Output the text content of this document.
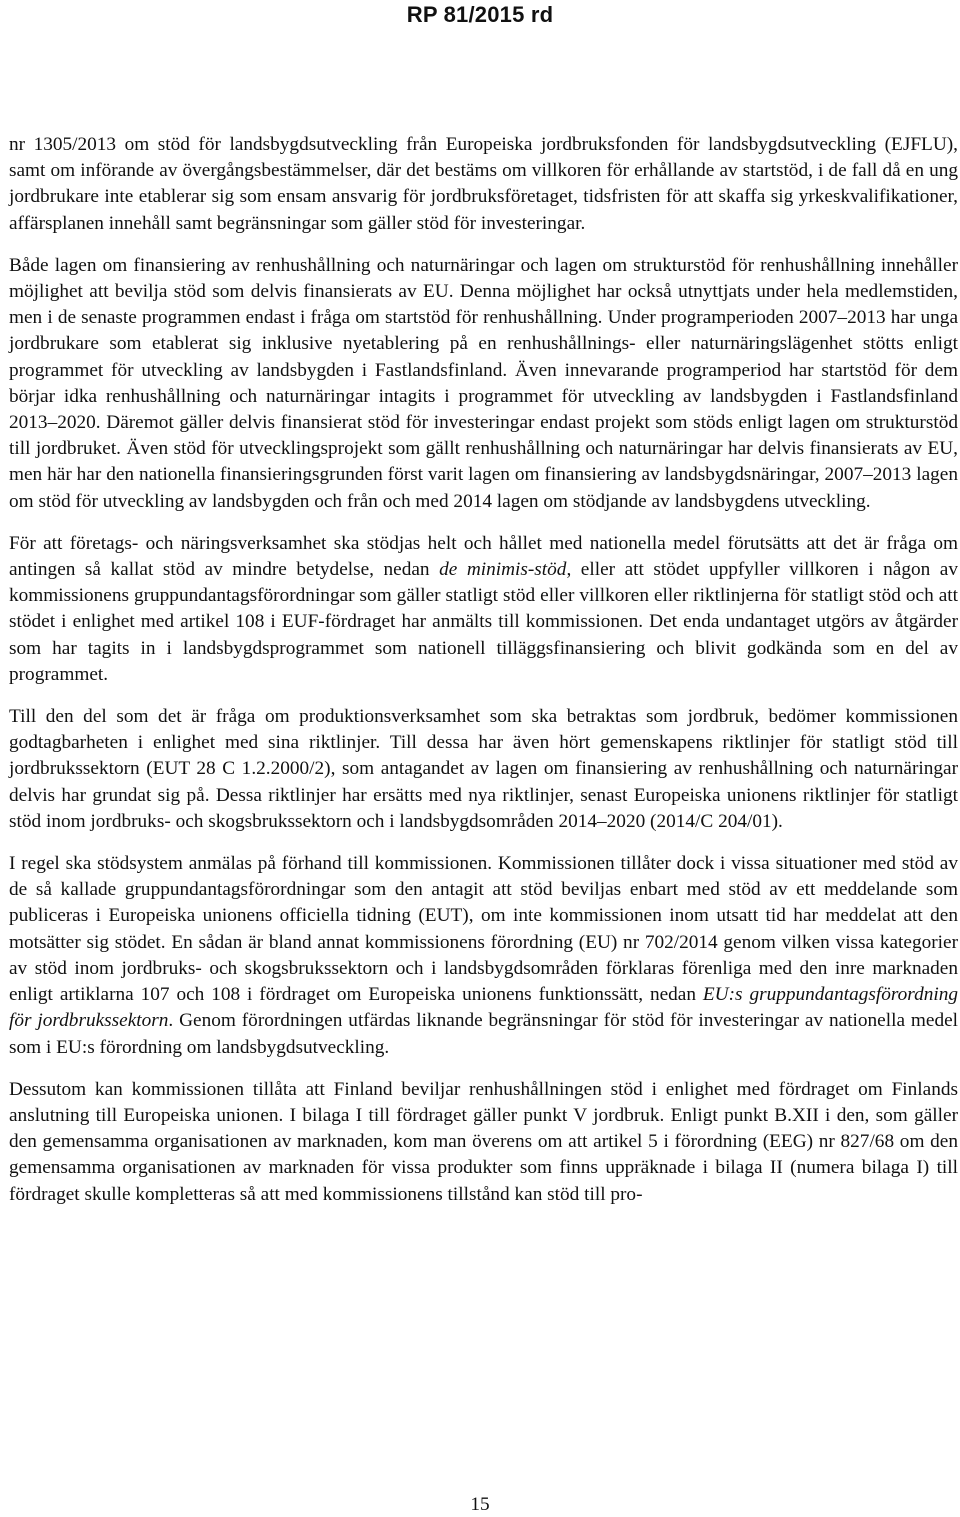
RP 81/2015 rd

nr 1305/2013 om stöd för landsbygdsutveckling från Europeiska jordbruksfonden för landsbygdsutveckling (EJFLU), samt om införande av övergångsbestämmelser, där det bestäms om villkoren för erhållande av startstöd, i de fall då en ung jordbrukare inte etablerar sig som ensam ansvarig för jordbruksföretaget, tidsfristen för att skaffa sig yrkeskvalifikationer, affärsplanen innehåll samt begränsningar som gäller stöd för investeringar.

Både lagen om finansiering av renhushållning och naturnäringar och lagen om strukturstöd för renhushållning innehåller möjlighet att bevilja stöd som delvis finansierats av EU. Denna möjlighet har också utnyttjats under hela medlemstiden, men i de senaste programmen endast i fråga om startstöd för renhushållning. Under programperioden 2007–2013 har unga jordbrukare som etablerat sig inklusive nyetablering på en renhushållnings- eller naturnäringslägenhet stötts enligt programmet för utveckling av landsbygden i Fastlandsfinland. Även innevarande programperiod har startstöd för dem börjar idka renhushållning och naturnäringar intagits i programmet för utveckling av landsbygden i Fastlandsfinland 2013–2020. Däremot gäller delvis finansierat stöd för investeringar endast projekt som stöds enligt lagen om strukturstöd till jordbruket. Även stöd för utvecklingsprojekt som gällt renhushållning och naturnäringar har delvis finansierats av EU, men här har den nationella finansieringsgrunden först varit lagen om finansiering av landsbygdsnäringar, 2007–2013 lagen om stöd för utveckling av landsbygden och från och med 2014 lagen om stödjande av landsbygdens utveckling.

För att företags- och näringsverksamhet ska stödjas helt och hållet med nationella medel förutsätts att det är fråga om antingen så kallat stöd av mindre betydelse, nedan de minimis-stöd, eller att stödet uppfyller villkoren i någon av kommissionens gruppundantagsförordningar som gäller statligt stöd eller villkoren eller riktlinjerna för statligt stöd och att stödet i enlighet med artikel 108 i EUF-fördraget har anmälts till kommissionen. Det enda undantaget utgörs av åtgärder som har tagits in i landsbygdsprogrammet som nationell tilläggsfinansiering och blivit godkända som en del av programmet.

Till den del som det är fråga om produktionsverksamhet som ska betraktas som jordbruk, bedömer kommissionen godtagbarheten i enlighet med sina riktlinjer. Till dessa har även hört gemenskapens riktlinjer för statligt stöd till jordbrukssektorn (EUT 28 C 1.2.2000/2), som antagandet av lagen om finansiering av renhushållning och naturnäringar delvis har grundat sig på. Dessa riktlinjer har ersätts med nya riktlinjer, senast Europeiska unionens riktlinjer för statligt stöd inom jordbruks- och skogsbrukssektorn och i landsbygdsområden 2014–2020 (2014/C 204/01).

I regel ska stödsystem anmälas på förhand till kommissionen. Kommissionen tillåter dock i vissa situationer med stöd av de så kallade gruppundantagsförordningar som den antagit att stöd beviljas enbart med stöd av ett meddelande som publiceras i Europeiska unionens officiella tidning (EUT), om inte kommissionen inom utsatt tid har meddelat att den motsätter sig stödet. En sådan är bland annat kommissionens förordning (EU) nr 702/2014 genom vilken vissa kategorier av stöd inom jordbruks- och skogsbrukssektorn och i landsbygdsområden förklaras förenliga med den inre marknaden enligt artiklarna 107 och 108 i fördraget om Europeiska unionens funktionssätt, nedan EU:s gruppundantagsförordning för jordbrukssektorn. Genom förordningen utfärdas liknande begränsningar för stöd för investeringar av nationella medel som i EU:s förordning om landsbygdsutveckling.

Dessutom kan kommissionen tillåta att Finland beviljar renhushållningen stöd i enlighet med fördraget om Finlands anslutning till Europeiska unionen. I bilaga I till fördraget gäller punkt V jordbruk. Enligt punkt B.XII i den, som gäller den gemensamma organisationen av marknaden, kom man överens om att artikel 5 i förordning (EEG) nr 827/68 om den gemensamma organisationen av marknaden för vissa produkter som finns uppräknade i bilaga II (numera bilaga I) till fördraget skulle kompletteras så att med kommissionens tillstånd kan stöd till pro-

15
